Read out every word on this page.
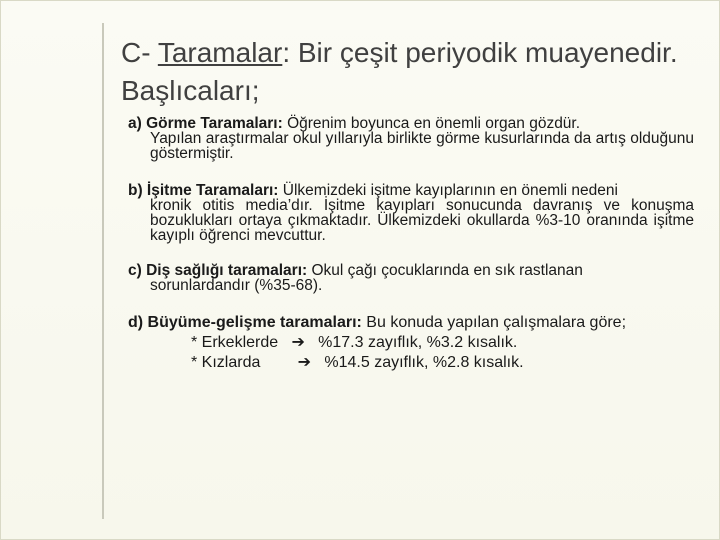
C- Taramalar: Bir çeşit periyodik muayenedir. Başlıcaları;
a) Görme Taramaları: Öğrenim boyunca en önemli organ gözdür.
Yapılan araştırmalar okul yıllarıyla birlikte görme kusurlarında da artış olduğunu göstermiştir.
b) İşitme Taramaları: Ülkemizdeki işitme kayıplarının en önemli nedeni
kronik otitis media’dır. İşitme kayıpları sonucunda davranış ve konuşma bozuklukları ortaya çıkmaktadır. Ülkemizdeki okullarda %3-10 oranında işitme kayıplı öğrenci mevcuttur.
c) Diş sağlığı taramaları: Okul çağı çocuklarında en sık rastlanan
sorunlardandır (%35-68).
d) Büyüme-gelişme taramaları: Bu konuda yapılan çalışmalara göre;
* Erkeklerde ➔ %17.3 zayıflık, %3.2 kısalık.
* Kızlarda ➔ %14.5 zayıflık, %2.8 kısalık.
